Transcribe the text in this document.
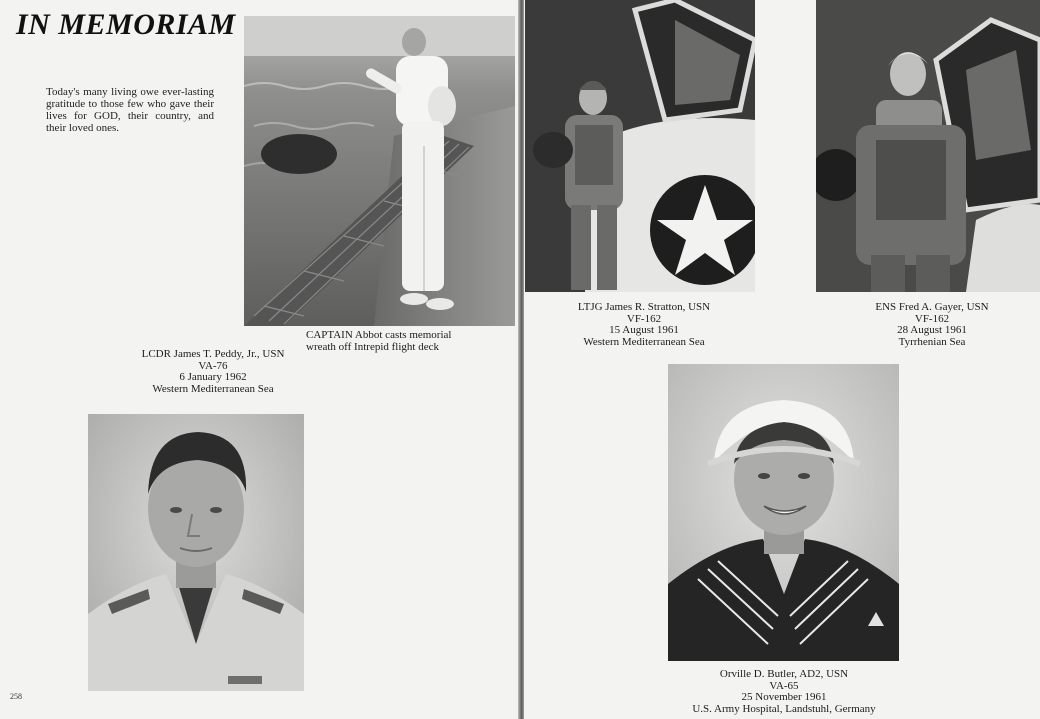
IN MEMORIAM
Today's many living owe ever-lasting gratitude to those few who gave their lives for GOD, their country, and their loved ones.
CAPTAIN Abbot casts memorial
wreath off Intrepid flight deck
LCDR James T. Peddy, Jr., USN
VA-76
6 January 1962
Western Mediterranean Sea
258
LTJG James R. Stratton, USN
VF-162
15 August 1961
Western Mediterranean Sea
ENS Fred A. Gayer, USN
VF-162
28 August 1961
Tyrrhenian Sea
Orville D. Butler, AD2, USN
VA-65
25 November 1961
U.S. Army Hospital, Landstuhl, Germany
